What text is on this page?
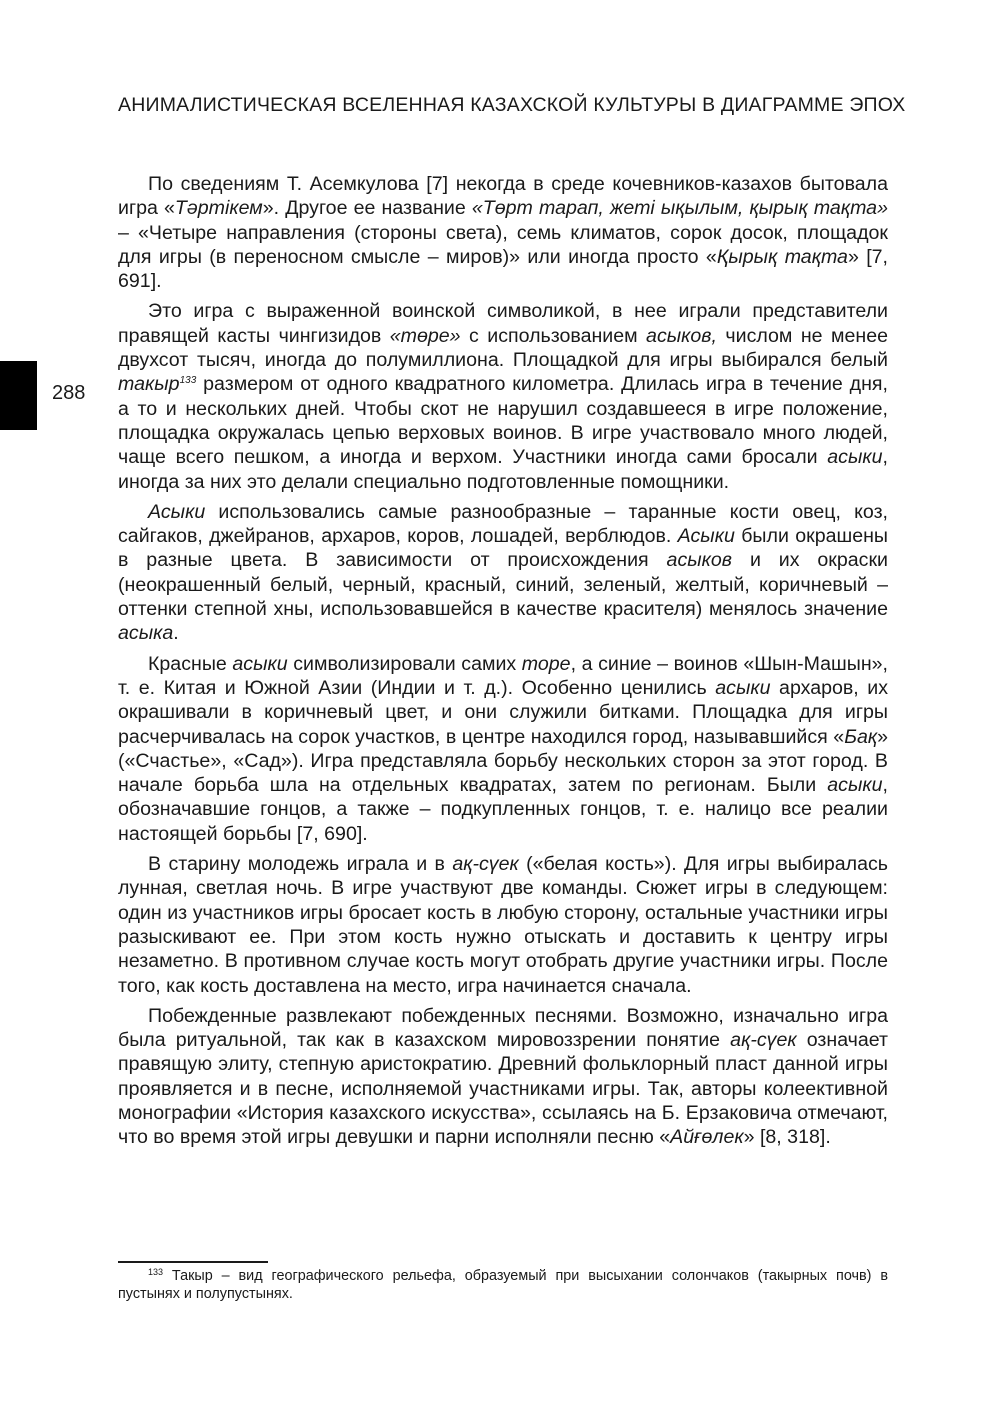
АНИМАЛИСТИЧЕСКАЯ ВСЕЛЕННАЯ КАЗАХСКОЙ КУЛЬТУРЫ В ДИАГРАММЕ ЭПОХ
288

По сведениям Т. Асемкулова [7] некогда в среде кочевников-казахов бытовала игра «Тәртікем». Другое ее название «Төрт тарап, жеті ықылым, қырық тақта» – «Четыре направления (стороны света), семь климатов, сорок досок, площадок для игры (в переносном смысле – миров)» или иногда просто «Қырық тақта» [7, 691].

Это игра с выраженной воинской символикой, в нее играли представители правящей касты чингизидов «төре» с использованием асыков, числом не менее двухсот тысяч, иногда до полумиллиона. Площадкой для игры выбирался белый такыр$^{133}$ размером от одного квадратного километра. Длилась игра в течение дня, а то и нескольких дней. Чтобы скот не нарушил создавшееся в игре положение, площадка окружалась цепью верховых воинов. В игре участвовало много людей, чаще всего пешком, а иногда и верхом. Участники иногда сами бросали асыки, иногда за них это делали специально подготовленные помощники.

Асыки использовались самые разнообразные – таранные кости овец, коз, сайгаков, джейранов, архаров, коров, лошадей, верблюдов. Асыки были окрашены в разные цвета. В зависимости от происхождения асыков и их окраски (неокрашенный белый, черный, красный, синий, зеленый, желтый, коричневый – оттенки степной хны, использовавшейся в качестве красителя) менялось значение асыка.

Красные асыки символизировали самих торе, а синие – воинов «Шын-Машын», т. е. Китая и Южной Азии (Индии и т. д.). Особенно ценились асыки архаров, их окрашивали в коричневый цвет, и они служили битками. Площадка для игры расчерчивалась на сорок участков, в центре находился город, называвшийся «Бақ» («Счастье», «Сад»). Игра представляла борьбу нескольких сторон за этот город. В начале борьба шла на отдельных квадратах, затем по регионам. Были асыки, обозначавшие гонцов, а также – подкупленных гонцов, т. е. налицо все реалии настоящей борьбы [7, 690].

В старину молодежь играла и в ақ-сүек («белая кость»). Для игры выбиралась лунная, светлая ночь. В игре участвуют две команды. Сюжет игры в следующем: один из участников игры бросает кость в любую сторону, остальные участники игры разыскивают ее. При этом кость нужно отыскать и доставить к центру игры незаметно. В противном случае кость могут отобрать другие участники игры. После того, как кость доставлена на место, игра начинается сначала.

Побежденные развлекают побежденных песнями. Возможно, изначально игра была ритуальной, так как в казахском мировоззрении понятие ақ-сүек означает правящую элиту, степную аристократию. Древний фольклорный пласт данной игры проявляется и в песне, исполняемой участниками игры. Так, авторы колеективной монографии «История казахского искусства», ссылаясь на Б. Ерзаковича отмечают, что во время этой игры девушки и парни исполняли песню «Айғөлек» [8, 318].

$^{133}$ Такыр – вид географического рельефа, образуемый при высыхании солончаков (такырных почв) в пустынях и полупустынях.
